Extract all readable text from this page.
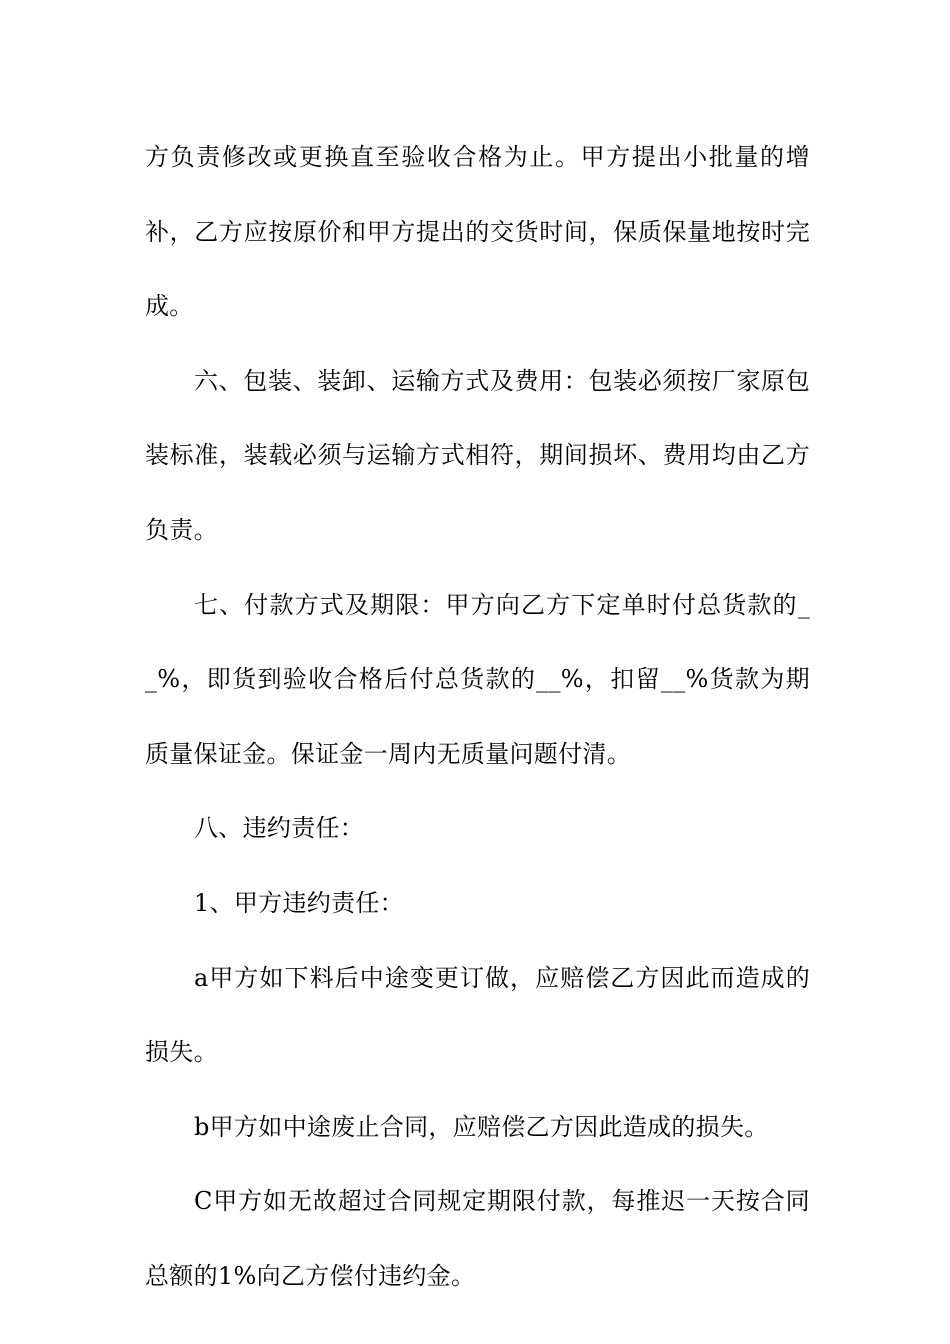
方负责修改或更换直至验收合格为止。甲方提出小批量的增补，乙方应按原价和甲方提出的交货时间，保质保量地按时完成。

六、包装、装卸、运输方式及费用：包装必须按厂家原包装标准，装载必须与运输方式相符，期间损坏、费用均由乙方负责。

七、付款方式及期限：甲方向乙方下定单时付总货款的__%，即货到验收合格后付总货款的__%，扣留__%货款为期质量保证金。保证金一周内无质量问题付清。

八、违约责任：

1、甲方违约责任：

a甲方如下料后中途变更订做，应赔偿乙方因此而造成的损失。

b甲方如中途废止合同，应赔偿乙方因此造成的损失。

C甲方如无故超过合同规定期限付款，每推迟一天按合同总额的1%向乙方偿付违约金。
